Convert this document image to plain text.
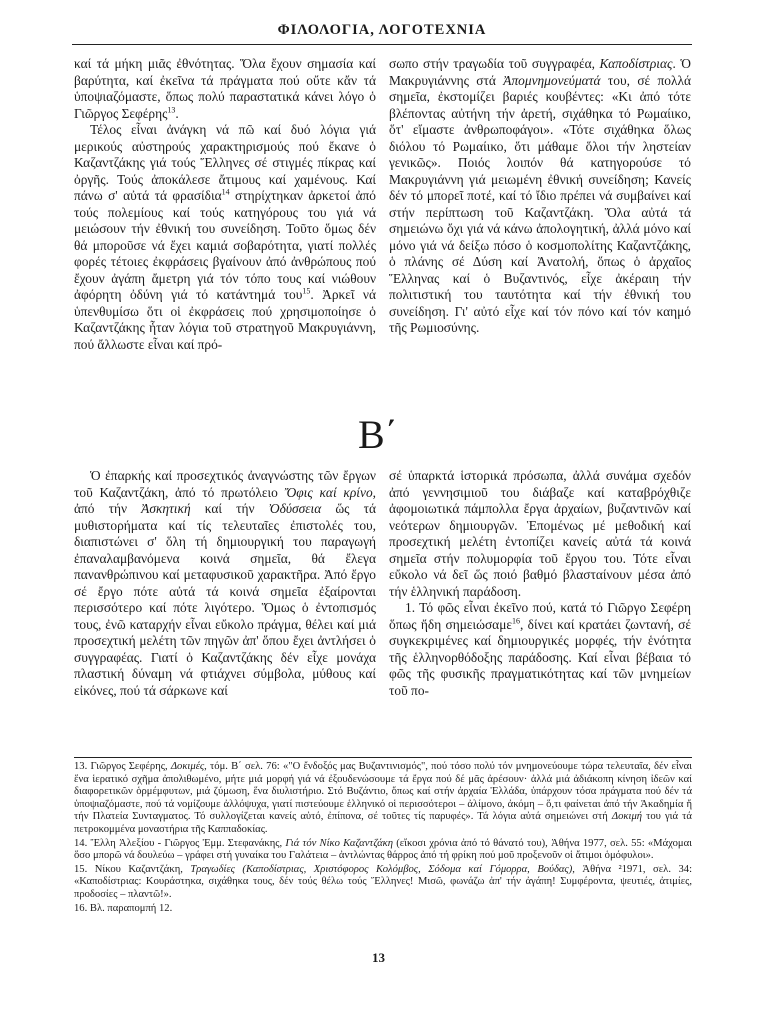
ΦΙΛΟΛΟΓΙΑ, ΛΟΓΟΤΕΧΝΙΑ

καί τά μήκη μιᾶς ἐθνότητας. Ὅλα ἔχουν σημασία καί βαρύτητα, καί ἐκεῖνα τά πράγματα πού οὔτε κἄν τά ὑποψιαζόμαστε, ὅπως πολύ παραστατικά κάνει λόγο ὁ Γιῶργος Σεφέρης$^{13}$.

Τέλος εἶναι ἀνάγκη νά πῶ καί δυό λόγια γιά μερικούς αὐστηρούς χαρακτηρισμούς πού ἔκανε ὁ Καζαντζάκης γιά τούς Ἕλληνες σέ στιγμές πίκρας καί ὀργῆς. Τούς ἀποκάλεσε ἄτιμους καί χαμένους. Καί πάνω σ' αὐτά τά φρασίδια$^{14}$ στηρίχτηκαν ἀρκετοί ἀπό τούς πολεμίους καί τούς κατηγόρους του γιά νά μειώσουν τήν ἐθνική του συνείδηση. Τοῦτο ὅμως δέν θά μποροῦσε νά ἔχει καμιά σοβαρότητα, γιατί πολλές φορές τέτοιες ἐκφράσεις βγαίνουν ἀπό ἀνθρώπους πού ἔχουν ἀγάπη ἄμετρη γιά τόν τόπο τους καί νιώθουν ἀφόρητη ὀδύνη γιά τό κατάντημά του$^{15}$. Ἀρκεῖ νά ὑπενθυμίσω ὅτι οἱ ἐκφράσεις πού χρησιμοποίησε ὁ Καζαντζάκης ἦταν λόγια τοῦ στρατηγοῦ Μακρυγιάννη, πού ἄλλωστε εἶναι καί πρό-

σωπο στήν τραγωδία τοῦ συγγραφέα, Καποδίστριας. Ὁ Μακρυγιάννης στά Ἀπομνημονεύματά του, σέ πολλά σημεῖα, ἐκστομίζει βαριές κουβέντες: «Κι ἀπό τότε βλέποντας αὐτήνη τήν ἀρετή, σιχάθηκα τό Ρωμαίικο, ὅτ' εἴμαστε ἀνθρωποφάγοι». «Τότε σιχάθηκα ὅλως διόλου τό Ρωμαίικο, ὅτι μάθαμε ὅλοι τήν ληστείαν γενικῶς». Ποιός λοιπόν θά κατηγορούσε τό Μακρυγιάννη γιά μειωμένη ἐθνική συνείδηση; Κανείς δέν τό μπορεῖ ποτέ, καί τό ἴδιο πρέπει νά συμβαίνει καί στήν περίπτωση τοῦ Καζαντζάκη. Ὅλα αὐτά τά σημειώνω ὄχι γιά νά κάνω ἀπολογητική, ἀλλά μόνο καί μόνο γιά νά δείξω πόσο ὁ κοσμοπολίτης Καζαντζάκης, ὁ πλάνης σέ Δύση καί Ἀνατολή, ὅπως ὁ ἀρχαῖος Ἕλληνας καί ὁ Βυζαντινός, εἶχε ἀκέραιη τήν πολιτιστική του ταυτότητα καί τήν ἐθνική του συνείδηση. Γι' αὐτό εἶχε καί τόν πόνο καί τόν καημό τῆς Ρωμιοσύνης.

Β΄

Ὁ ἐπαρκής καί προσεχτικός ἀναγνώστης τῶν ἔργων τοῦ Καζαντζάκη, ἀπό τό πρωτόλειο Ὄφις καί κρίνο, ἀπό τήν Ἀσκητική καί τήν Ὀδύσσεια ὥς τά μυθιστορήματα καί τίς τελευταῖες ἐπιστολές του, διαπιστώνει σ' ὅλη τή δημιουργική του παραγωγή ἐπαναλαμβανόμενα κοινά σημεῖα, θά ἔλεγα πανανθρώπινου καί μεταφυσικοῦ χαρακτῆρα. Ἀπό ἔργο σέ ἔργο πότε αὐτά τά κοινά σημεῖα ἐξαίρονται περισσότερο καί πότε λιγότερο. Ὅμως ὁ ἐντοπισμός τους, ἐνῶ καταρχήν εἶναι εὔκολο πράγμα, θέλει καί μιά προσεχτική μελέτη τῶν πηγῶν ἀπ' ὅπου ἔχει ἀντλήσει ὁ συγγραφέας. Γιατί ὁ Καζαντζάκης δέν εἶχε μονάχα πλαστική δύναμη νά φτιάχνει σύμβολα, μύθους καί εἰκόνες, πού τά σάρκωνε καί

σέ ὑπαρκτά ἱστορικά πρόσωπα, ἀλλά συνάμα σχεδόν ἀπό γεννησιμιοῦ του διάβαζε καί καταβρόχθιζε ἀφομοιωτικά πάμπολλα ἔργα ἀρχαίων, βυζαντινῶν καί νεότερων δημιουργῶν. Ἑπομένως μέ μεθοδική καί προσεχτική μελέτη ἐντοπίζει κανείς αὐτά τά κοινά σημεῖα στήν πολυμορφία τοῦ ἔργου του. Τότε εἶναι εὔκολο νά δεῖ ὥς ποιό βαθμό βλασταίνουν μέσα ἀπό τήν ἑλληνική παράδοση.

1. Τό φῶς εἶναι ἐκεῖνο πού, κατά τό Γιῶργο Σεφέρη ὅπως ἤδη σημειώσαμε$^{16}$, δίνει καί κρατάει ζωντανή, σέ συγκεκριμένες καί δημιουργικές μορφές, τήν ἑνότητα τῆς ἑλληνορθόδοξης παράδοσης. Καί εἶναι βέβαια τό φῶς τῆς φυσικῆς πραγματικότητας καί τῶν μνημείων τοῦ πο-

13. Γιῶργος Σεφέρης, Δοκιμές, τόμ. Β΄ σελ. 76: «"Ο ἔνδοξός μας Βυζαντινισμός", πού τόσο πολύ τόν μνημονεύουμε τώρα τελευταῖα, δέν εἶναι ἕνα ἱερατικό σχῆμα ἀπολιθωμένο, μήτε μιά μορφή γιά νά ἐξουδενώσουμε τά ἔργα πού δέ μᾶς ἀρέσουν· ἀλλά μιά ἀδιάκοπη κίνηση ἰδεῶν καί διαφορετικῶν ὁρμέμφυτων, μιά ζύμωση, ἕνα διυλιστήριο. Στό Βυζάντιο, ὅπως καί στήν ἀρχαία Ἑλλάδα, ὑπάρχουν τόσα πράγματα πού δέν τά ὑποψιαζόμαστε, πού τά νομίζουμε ἀλλόψυχα, γιατί πιστεύουμε ἑλληνικό οἱ περισσότεροι – ἀλίμονο, ἀκόμη – ὅ,τι φαίνεται ἀπό τήν Ἀκαδημία ἤ τήν Πλατεία Συνταγματος. Τό συλλογίζεται κανείς αὐτό, ἐπίπονα, σέ τοῦτες τίς παρυφές». Τά λόγια αὐτά σημειώνει στή Δοκιμή του γιά τά πετροκομμένα μοναστήρια τῆς Καππαδοκίας.

14. Ἔλλη Ἀλεξίου - Γιῶργος Ἐμμ. Στεφανάκης, Γιά τόν Νίκο Καζαντζάκη (εἴκοσι χρόνια ἀπό τό θάνατό του), Ἀθήνα 1977, σελ. 55: «Μάχομαι ὅσο μπορῶ νά δουλεύω – γράφει στή γυναίκα του Γαλάτεια – ἀντλώντας θάρρος ἀπό τή φρίκη πού μοῦ προξενοῦν οἱ ἄτιμοι ὁμόφυλοι».

15. Νίκου Καζαντζάκη, Τραγωδίες (Καποδίστριας, Χριστόφορος Κολόμβος, Σόδομα καί Γόμορρα, Βούδας), Ἀθήνα ²1971, σελ. 34: «Καποδίστριας: Κουράστηκα, σιχάθηκα τους, δέν τούς θέλω τούς Ἕλληνες! Μισῶ, φωνάζω ἀπ' τήν ἀγάπη! Συμφέροντα, ψευτιές, ἀτιμίες, προδοσίες – πλαντῶ!».

16. Βλ. παραπομπή 12.

13
